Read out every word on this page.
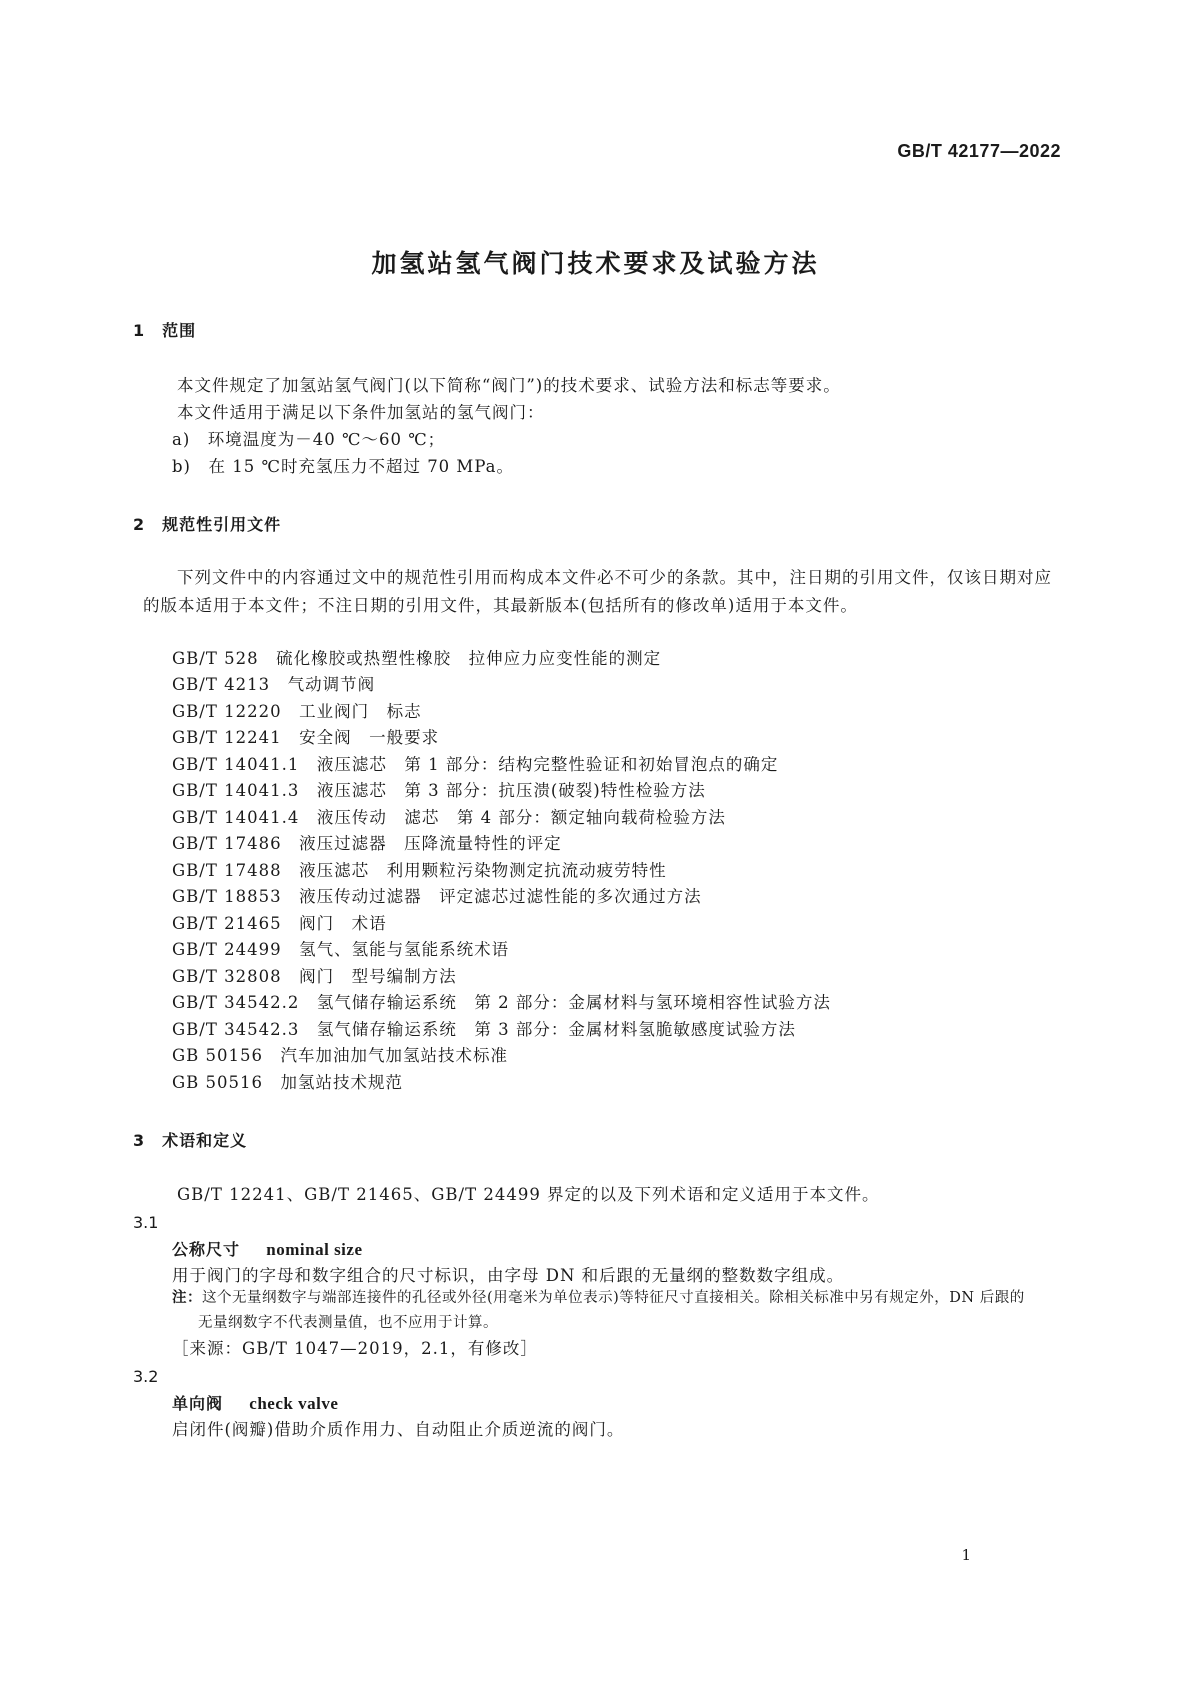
GB/T 42177—2022
加氢站氢气阀门技术要求及试验方法
1　范围
本文件规定了加氢站氢气阀门(以下简称“阀门”)的技术要求、试验方法和标志等要求。
本文件适用于满足以下条件加氢站的氢气阀门：
a)　环境温度为－40 ℃～60 ℃；
b)　在 15 ℃时充氢压力不超过 70 MPa。
2　规范性引用文件
下列文件中的内容通过文中的规范性引用而构成本文件必不可少的条款。其中，注日期的引用文件，仅该日期对应的版本适用于本文件；不注日期的引用文件，其最新版本(包括所有的修改单)适用于本文件。
GB/T 528　硫化橡胶或热塑性橡胶　拉伸应力应变性能的测定
GB/T 4213　气动调节阀
GB/T 12220　工业阀门　标志
GB/T 12241　安全阀　一般要求
GB/T 14041.1　液压滤芯　第 1 部分：结构完整性验证和初始冒泡点的确定
GB/T 14041.3　液压滤芯　第 3 部分：抗压溃(破裂)特性检验方法
GB/T 14041.4　液压传动　滤芯　第 4 部分：额定轴向载荷检验方法
GB/T 17486　液压过滤器　压降流量特性的评定
GB/T 17488　液压滤芯　利用颗粒污染物测定抗流动疲劳特性
GB/T 18853　液压传动过滤器　评定滤芯过滤性能的多次通过方法
GB/T 21465　阀门　术语
GB/T 24499　氢气、氢能与氢能系统术语
GB/T 32808　阀门　型号编制方法
GB/T 34542.2　氢气储存输运系统　第 2 部分：金属材料与氢环境相容性试验方法
GB/T 34542.3　氢气储存输运系统　第 3 部分：金属材料氢脆敏感度试验方法
GB 50156　汽车加油加气加氢站技术标准
GB 50516　加氢站技术规范
3　术语和定义
GB/T 12241、GB/T 21465、GB/T 24499 界定的以及下列术语和定义适用于本文件。
3.1
公称尺寸 nominal size
用于阀门的字母和数字组合的尺寸标识，由字母 DN 和后跟的无量纲的整数数字组成。
注：这个无量纲数字与端部连接件的孔径或外径(用毫米为单位表示)等特征尺寸直接相关。除相关标准中另有规定外，DN 后跟的无量纲数字不代表测量值，也不应用于计算。
［来源：GB/T 1047—2019，2.1，有修改］
3.2
单向阀 check valve
启闭件(阀瓣)借助介质作用力、自动阻止介质逆流的阀门。
1
